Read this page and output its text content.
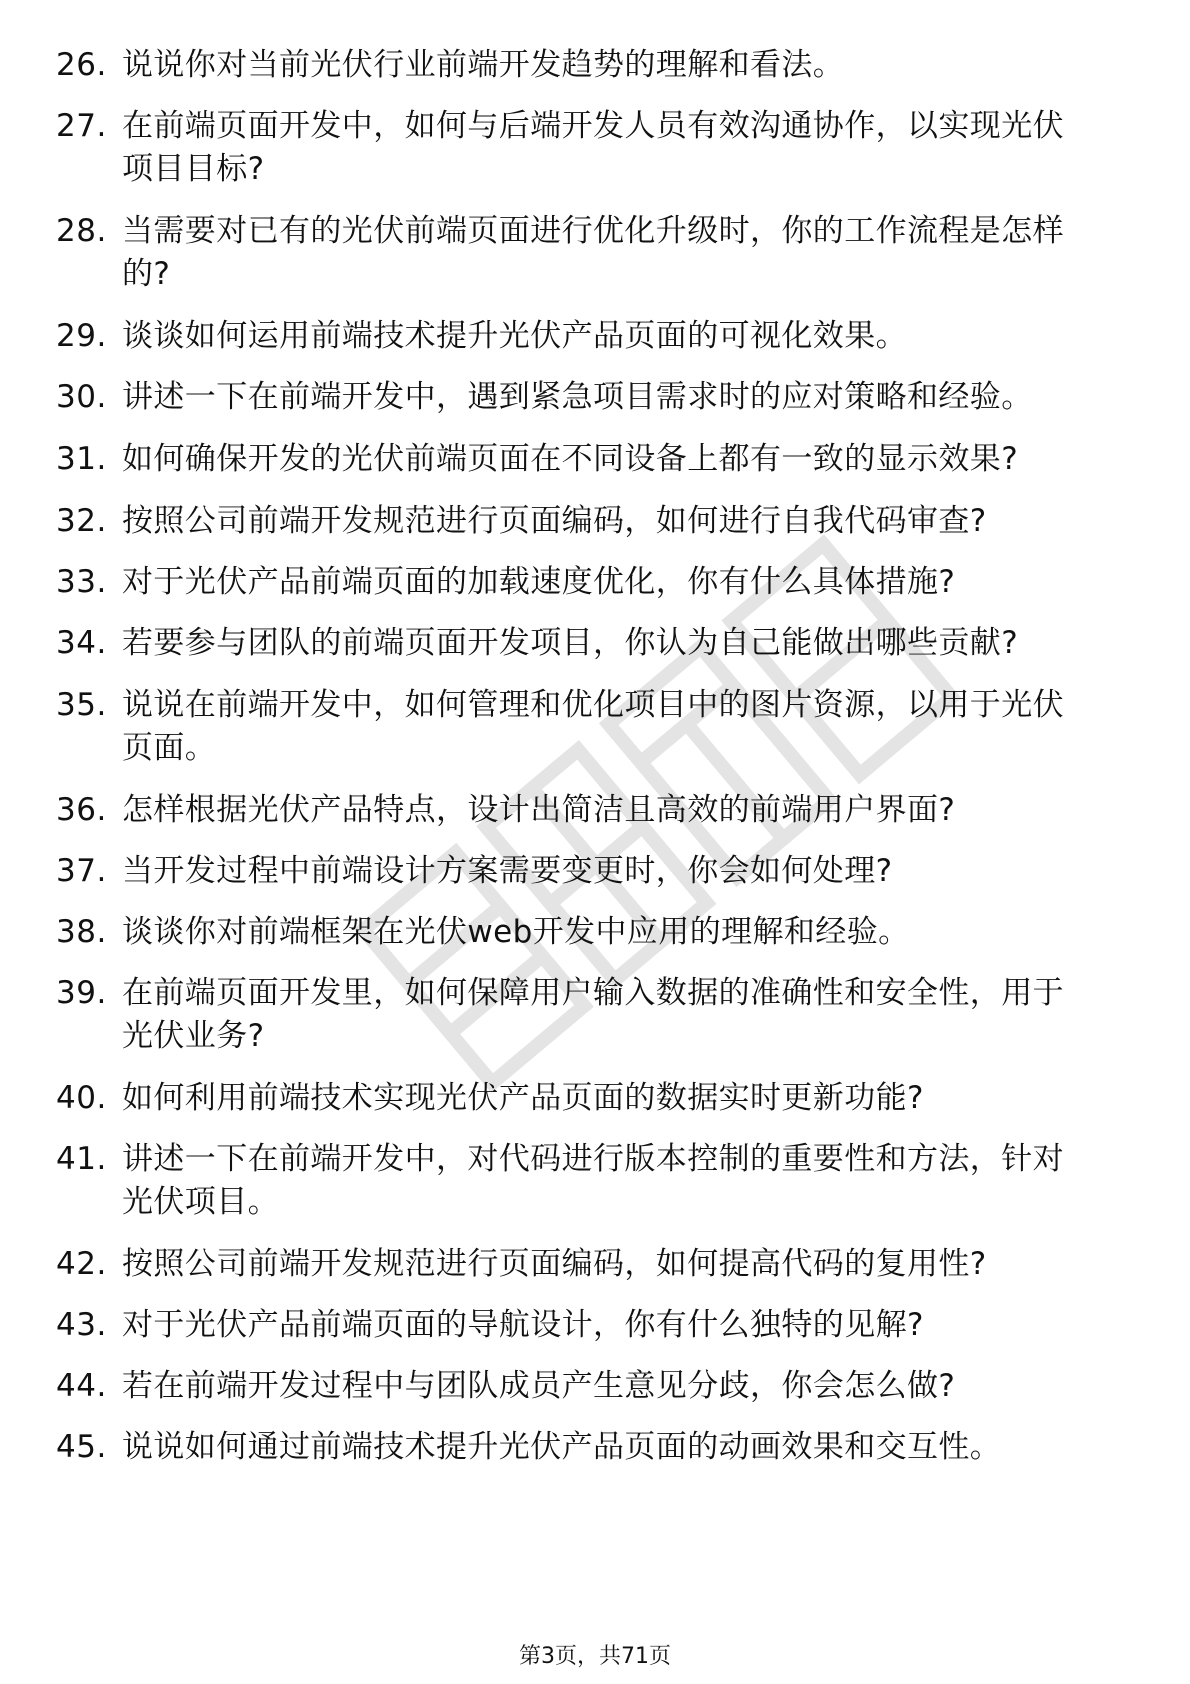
26. 说说你对当前光伏行业前端开发趋势的理解和看法。
27. 在前端页面开发中，如何与后端开发人员有效沟通协作，以实现光伏项目目标?
28. 当需要对已有的光伏前端页面进行优化升级时，你的工作流程是怎样的?
29. 谈谈如何运用前端技术提升光伏产品页面的可视化效果。
30. 讲述一下在前端开发中，遇到紧急项目需求时的应对策略和经验。
31. 如何确保开发的光伏前端页面在不同设备上都有一致的显示效果?
32. 按照公司前端开发规范进行页面编码，如何进行自我代码审查?
33. 对于光伏产品前端页面的加载速度优化，你有什么具体措施?
34. 若要参与团队的前端页面开发项目，你认为自己能做出哪些贡献?
35. 说说在前端开发中，如何管理和优化项目中的图片资源，以用于光伏页面。
36. 怎样根据光伏产品特点，设计出简洁且高效的前端用户界面?
37. 当开发过程中前端设计方案需要变更时，你会如何处理?
38. 谈谈你对前端框架在光伏web开发中应用的理解和经验。
39. 在前端页面开发里，如何保障用户输入数据的准确性和安全性，用于光伏业务?
40. 如何利用前端技术实现光伏产品页面的数据实时更新功能?
41. 讲述一下在前端开发中，对代码进行版本控制的重要性和方法，针对光伏项目。
42. 按照公司前端开发规范进行页面编码，如何提高代码的复用性?
43. 对于光伏产品前端页面的导航设计，你有什么独特的见解?
44. 若在前端开发过程中与团队成员产生意见分歧，你会怎么做?
45. 说说如何通过前端技术提升光伏产品页面的动画效果和交互性。
第3页，共71页
